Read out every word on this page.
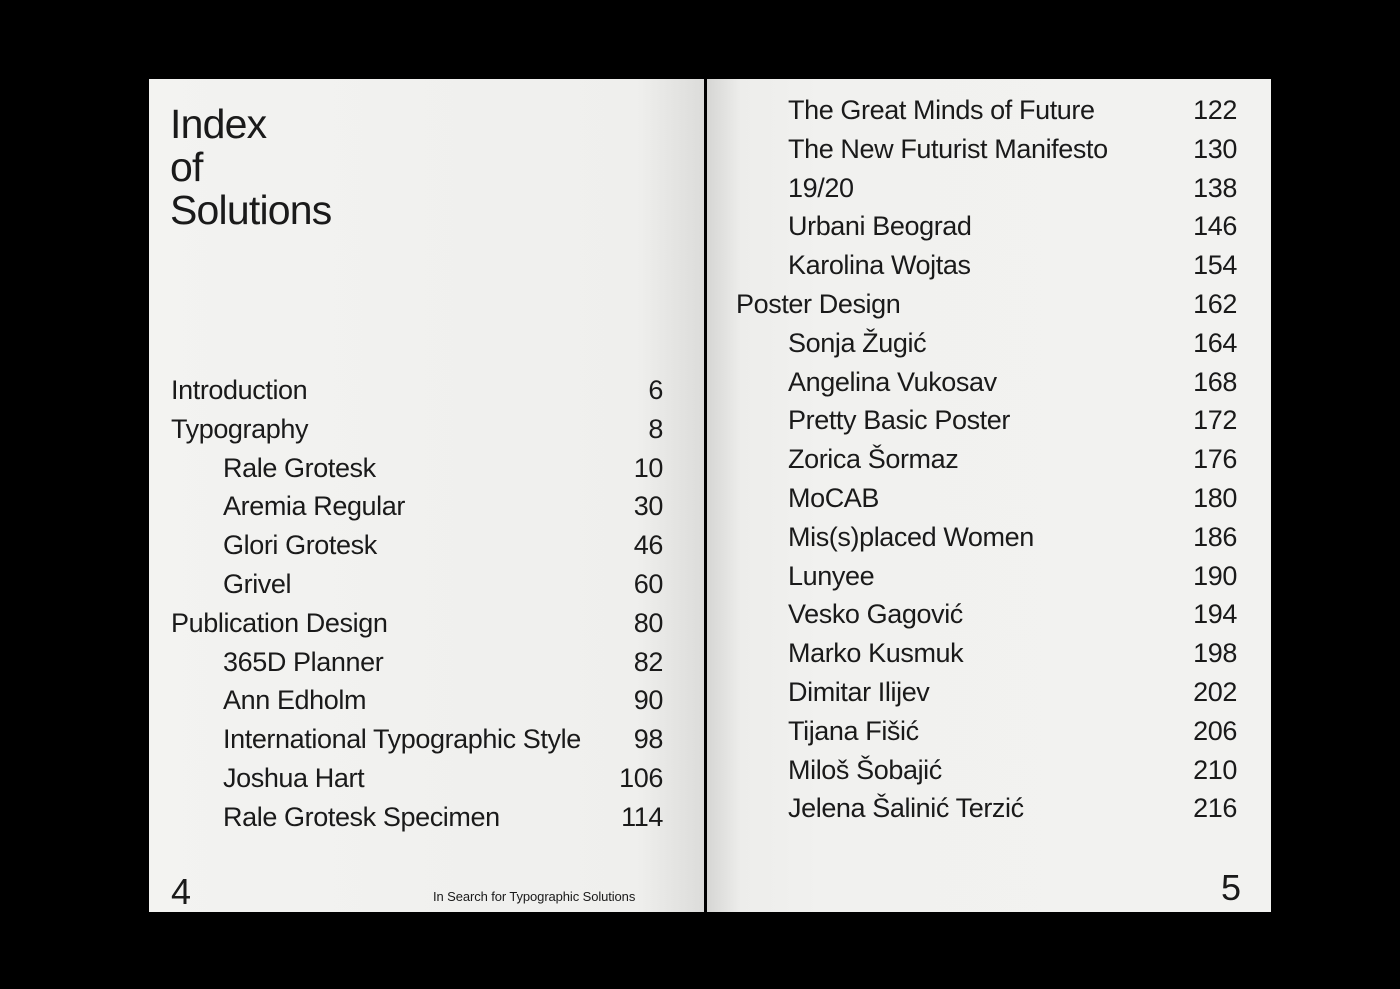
Index
of
Solutions
Introduction	6
Typography	8
Rale Grotesk	10
Aremia Regular	30
Glori Grotesk	46
Grivel	60
Publication Design	80
365D Planner	82
Ann Edholm	90
International Typographic Style 98
Joshua Hart	106
Rale Grotesk Specimen	114
4	In Search for Typographic Solutions
The Great Minds of Future	122
The New Futurist Manifesto	130
19/20	138
Urbani Beograd	146
Karolina Wojtas	154
Poster Design	162
Sonja Žugić	164
Angelina Vukosav	168
Pretty Basic Poster	172
Zorica Šormaz	176
MoCAB	180
Mis(s)placed Women	186
Lunyee	190
Vesko Gagović	194
Marko Kusmuk	198
Dimitar Ilijev	202
Tijana Fišić	206
Miloš Šobajić	210
Jelena Šalinić Terzić	216
5
